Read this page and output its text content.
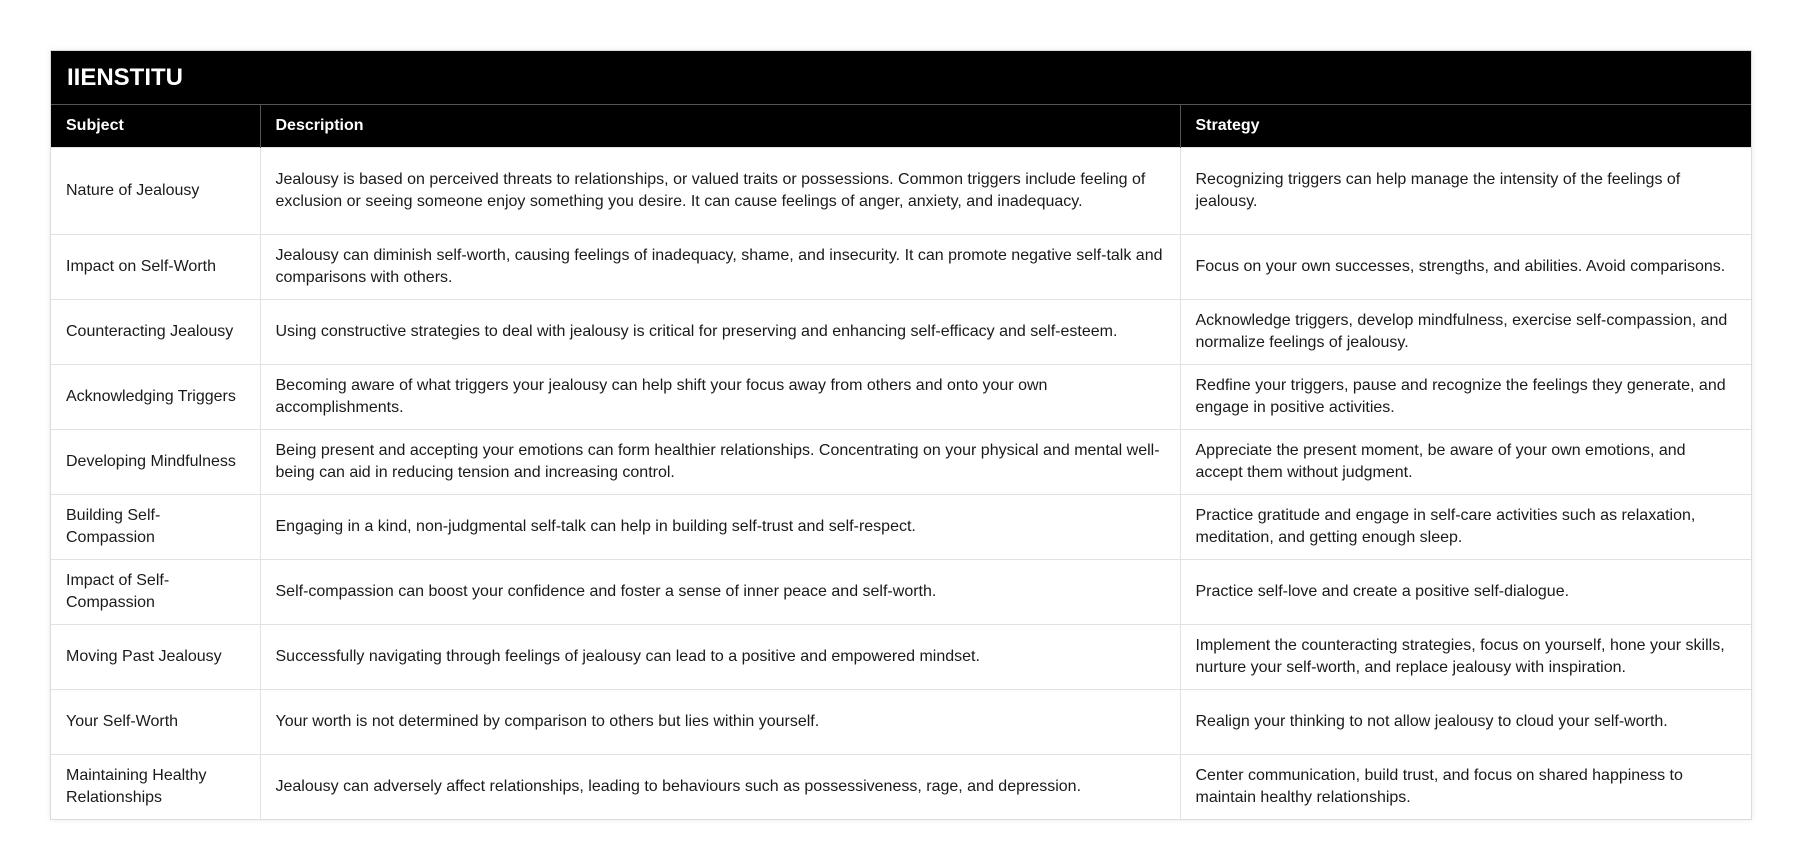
IIENSTITU
Subject	Description	Strategy
Nature of Jealousy	Jealousy is based on perceived threats to relationships, or valued traits or possessions. Common triggers include feeling of exclusion or seeing someone enjoy something you desire. It can cause feelings of anger, anxiety, and inadequacy.	Recognizing triggers can help manage the intensity of the feelings of jealousy.
Impact on Self-Worth	Jealousy can diminish self-worth, causing feelings of inadequacy, shame, and insecurity. It can promote negative self-talk and comparisons with others.	Focus on your own successes, strengths, and abilities. Avoid comparisons.
Counteracting Jealousy	Using constructive strategies to deal with jealousy is critical for preserving and enhancing self-efficacy and self-esteem.	Acknowledge triggers, develop mindfulness, exercise self-compassion, and normalize feelings of jealousy.
Acknowledging Triggers	Becoming aware of what triggers your jealousy can help shift your focus away from others and onto your own accomplishments.	Redfine your triggers, pause and recognize the feelings they generate, and engage in positive activities.
Developing Mindfulness	Being present and accepting your emotions can form healthier relationships. Concentrating on your physical and mental well-being can aid in reducing tension and increasing control.	Appreciate the present moment, be aware of your own emotions, and accept them without judgment.
Building Self-Compassion	Engaging in a kind, non-judgmental self-talk can help in building self-trust and self-respect.	Practice gratitude and engage in self-care activities such as relaxation, meditation, and getting enough sleep.
Impact of Self-Compassion	Self-compassion can boost your confidence and foster a sense of inner peace and self-worth.	Practice self-love and create a positive self-dialogue.
Moving Past Jealousy	Successfully navigating through feelings of jealousy can lead to a positive and empowered mindset.	Implement the counteracting strategies, focus on yourself, hone your skills, nurture your self-worth, and replace jealousy with inspiration.
Your Self-Worth	Your worth is not determined by comparison to others but lies within yourself.	Realign your thinking to not allow jealousy to cloud your self-worth.
Maintaining Healthy Relationships	Jealousy can adversely affect relationships, leading to behaviours such as possessiveness, rage, and depression.	Center communication, build trust, and focus on shared happiness to maintain healthy relationships.
